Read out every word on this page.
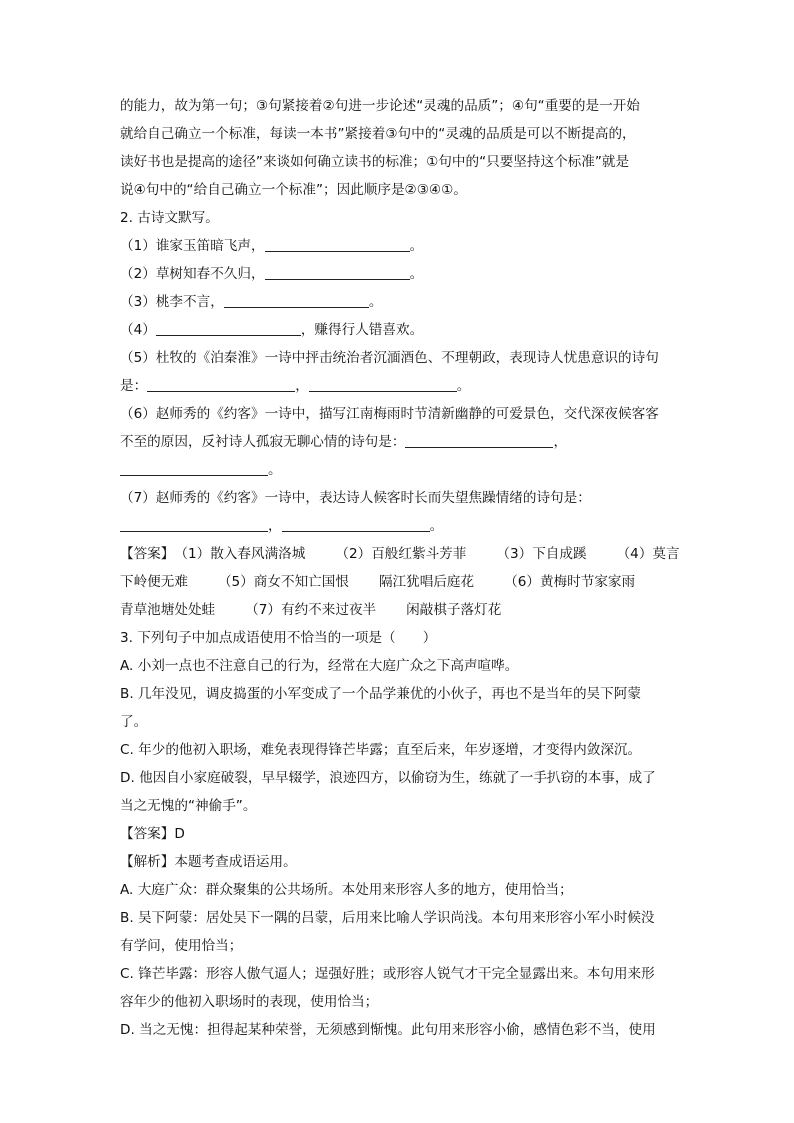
的能力，故为第一句；③句紧接着②句进一步论述“灵魂的品质”；④句“重要的是一开始
就给自己确立一个标准，每读一本书”紧接着③句中的“灵魂的品质是可以不断提高的，
读好书也是提高的途径”来谈如何确立读书的标准；①句中的“只要坚持这个标准”就是
说④句中的“给自己确立一个标准”；因此顺序是②③④①。
2. 古诗文默写。
（1）谁家玉笛暗飞声，	。
（2）草树知春不久归，	。
（3）桃李不言，	。
（4）	，赚得行人错喜欢。
（5）杜牧的《泊秦淮》一诗中抨击统治者沉湎酒色、不理朝政，表现诗人忧患意识的诗句
是：	，	。
（6）赵师秀的《约客》一诗中，描写江南梅雨时节清新幽静的可爱景色，交代深夜候客客
不至的原因，反衬诗人孤寂无聊心情的诗句是：	，
。
（7）赵师秀的《约客》一诗中，表达诗人候客时长而失望焦躁情绪的诗句是：
，	。
【答案】（1）散入春风满洛城 （2）百般红紫斗芳菲 （3）下自成蹊 （4）莫言
下岭便无难 （5）商女不知亡国恨 隔江犹唱后庭花 （6）黄梅时节家家雨
青草池塘处处蛙 （7）有约不来过夜半 闲敲棋子落灯花
3. 下列句子中加点成语使用不恰当的一项是（　　）
A. 小刘一点也不注意自己的行为，经常在大庭广众之下高声喧哗。
B. 几年没见，调皮捣蛋的小军变成了一个品学兼优的小伙子，再也不是当年的吴下阿蒙
了。
C. 年少的他初入职场，难免表现得锋芒毕露；直至后来，年岁逐增，才变得内敛深沉。
D. 他因自小家庭破裂，早早辍学，浪迹四方，以偷窃为生，练就了一手扒窃的本事，成了
当之无愧的“神偷手”。
【答案】D
【解析】本题考查成语运用。
A. 大庭广众：群众聚集的公共场所。本处用来形容人多的地方，使用恰当；
B. 吴下阿蒙：居处吴下一隅的吕蒙，后用来比喻人学识尚浅。本句用来形容小军小时候没
有学问，使用恰当；
C. 锋芒毕露：形容人傲气逼人；逞强好胜；或形容人锐气才干完全显露出来。本句用来形
容年少的他初入职场时的表现，使用恰当；
D. 当之无愧：担得起某种荣誉，无须感到惭愧。此句用来形容小偷，感情色彩不当，使用
